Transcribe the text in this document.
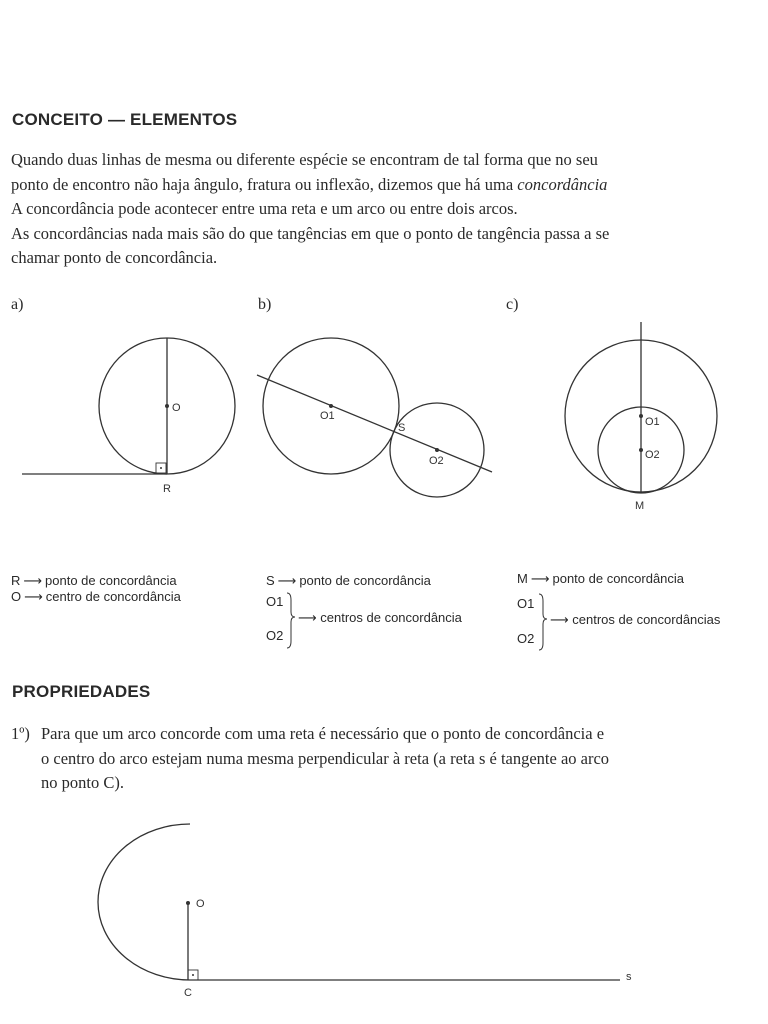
CONCEITO — ELEMENTOS
Quando duas linhas de mesma ou diferente espécie se encontram de tal forma que no seu
ponto de encontro não haja ângulo, fratura ou inflexão, dizemos que há uma concordância
A concordância pode acontecer entre uma reta e um arco ou entre dois arcos.
As concordâncias nada mais são do que tangências em que o ponto de tangência passa a se
chamar ponto de concordância.
a)	b)	c)
O
R
O1
S
O2
O1
O2
M
O
C
s
R ⟶ ponto de concordância
O ⟶ centro de concordância
S ⟶ ponto de concordância
O1
O2
⟶ centros de concordância
M ⟶ ponto de concordância
O1
O2
⟶ centros de concordâncias
PROPRIEDADES
1º) Para que um arco concorde com uma reta é necessário que o ponto de concordância e
o centro do arco estejam numa mesma perpendicular à reta (a reta s é tangente ao arco
no ponto C).
